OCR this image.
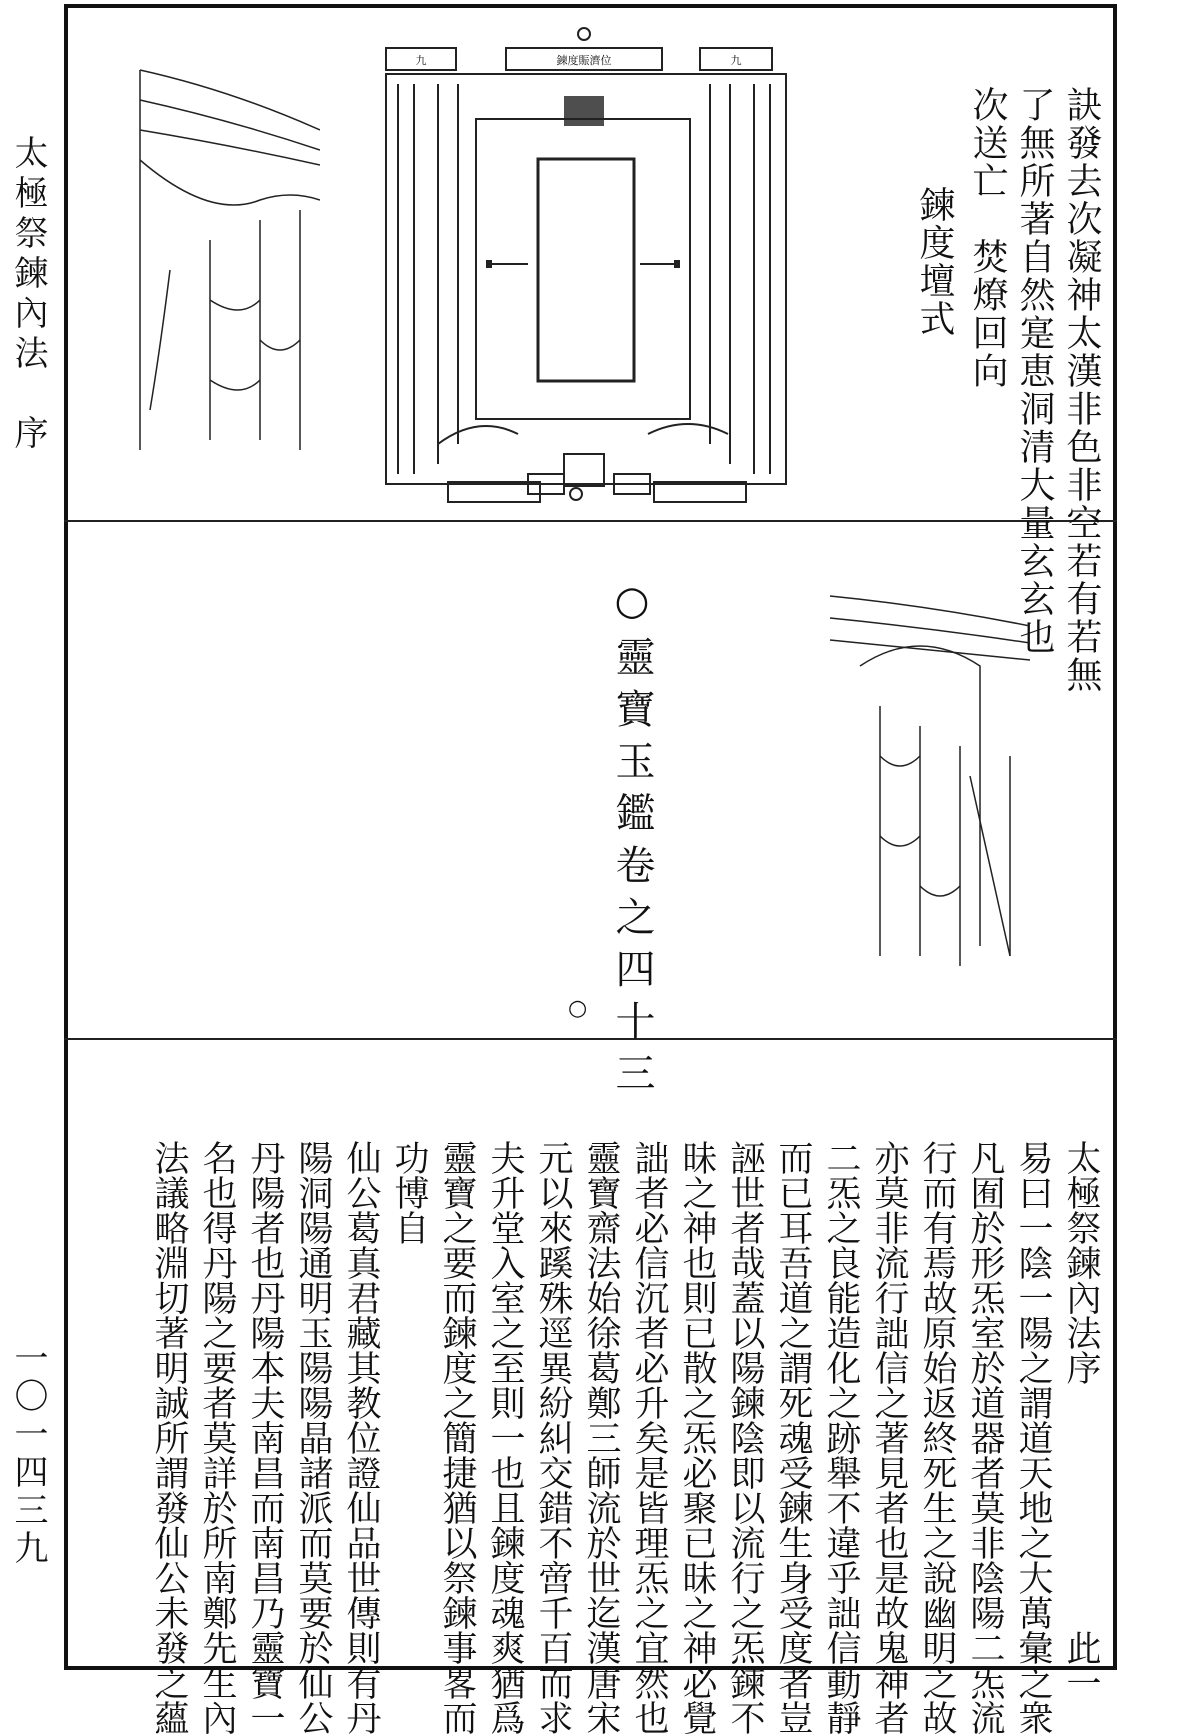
太極祭鍊內法　序
一〇一四三九
訣發去次凝神太漢非色非空若有若無
了無所著自然寔恵洞清大量玄玄也
次送亡　焚燎回向
鍊度壇式
九	鍊度賑濟位	九
○靈寶玉鑑卷之四十三
○
太極祭鍊內法序　　　　　　　此一
易曰一陰一陽之謂道天地之大萬彙之衆
凡囿於形炁室於道器者莫非陰陽二炁流
行而有焉故原始返終死生之說幽明之故
亦莫非流行詘信之著見者也是故鬼神者
二炁之良能造化之跡舉不違乎詘信動靜
而已耳吾道之謂死魂受鍊生身受度者豈
誣世者哉蓋以陽鍊陰即以流行之炁鍊不
昧之神也則已散之炁必聚已昧之神必覺
詘者必信沉者必升矣是皆理炁之宜然也
靈寶齋法始徐葛鄭三師流於世迄漢唐宋
元以來蹊殊逕異紛糾交錯不啻千百而求
夫升堂入室之至則一也且鍊度魂爽猶爲
靈寶之要而鍊度之簡捷猶以祭鍊事畧而
功博自
仙公葛真君藏其教位證仙品世傳則有丹
陽洞陽通明玉陽陽晶諸派而莫要於仙公
丹陽者也丹陽本夫南昌而南昌乃靈寶一
名也得丹陽之要者莫詳於所南鄭先生內
法議略淵切著明誠所謂發仙公未發之蘊
